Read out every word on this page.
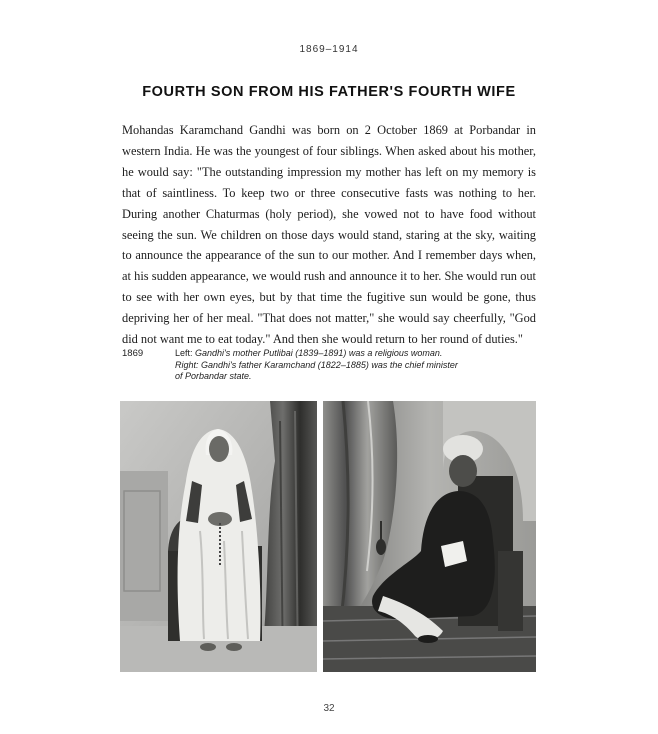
1869–1914
FOURTH SON FROM HIS FATHER'S FOURTH WIFE

Mohandas Karamchand Gandhi was born on 2 October 1869 at Porbandar in western India. He was the youngest of four siblings. When asked about his mother, he would say: "The outstanding impression my mother has left on my memory is that of saintliness. To keep two or three consecutive fasts was nothing to her. During another Chaturmas (holy period), she vowed not to have food without seeing the sun. We children on those days would stand, staring at the sky, waiting to announce the appearance of the sun to our mother. And I remember days when, at his sudden appearance, we would rush and announce it to her. She would run out to see with her own eyes, but by that time the fugitive sun would be gone, thus depriving her of her meal. "That does not matter," she would say cheerfully, "God did not want me to eat today." And then she would return to her round of duties."

1869	Left: Gandhi's mother Putlibai (1839–1891) was a religious woman.
Right: Gandhi's father Karamchand (1822–1885) was the chief minister
of Porbandar state.
32
